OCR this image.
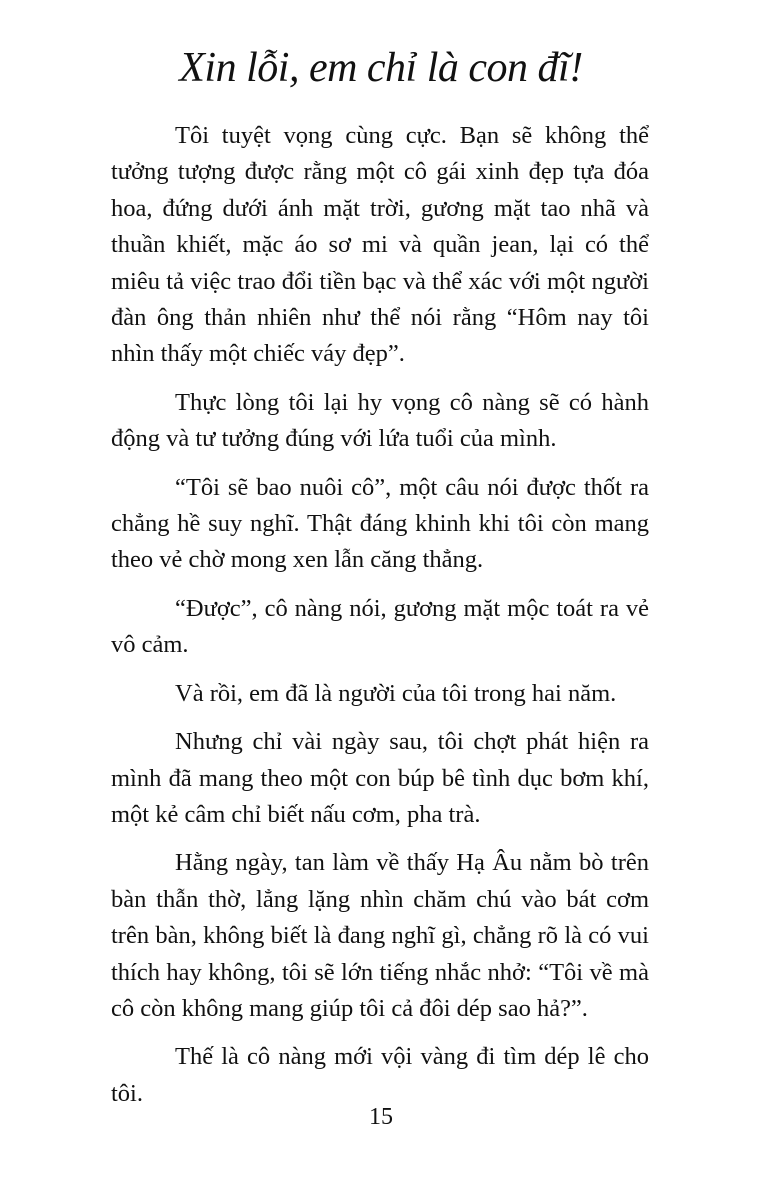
Xin lỗi, em chỉ là con đĩ!

Tôi tuyệt vọng cùng cực. Bạn sẽ không thể tưởng tượng được rằng một cô gái xinh đẹp tựa đóa hoa, đứng dưới ánh mặt trời, gương mặt tao nhã và thuần khiết, mặc áo sơ mi và quần jean, lại có thể miêu tả việc trao đổi tiền bạc và thể xác với một người đàn ông thản nhiên như thể nói rằng “Hôm nay tôi nhìn thấy một chiếc váy đẹp”.

Thực lòng tôi lại hy vọng cô nàng sẽ có hành động và tư tưởng đúng với lứa tuổi của mình.

“Tôi sẽ bao nuôi cô”, một câu nói được thốt ra chẳng hề suy nghĩ. Thật đáng khinh khi tôi còn mang theo vẻ chờ mong xen lẫn căng thẳng.

“Được”, cô nàng nói, gương mặt mộc toát ra vẻ vô cảm.

Và rồi, em đã là người của tôi trong hai năm.

Nhưng chỉ vài ngày sau, tôi chợt phát hiện ra mình đã mang theo một con búp bê tình dục bơm khí, một kẻ câm chỉ biết nấu cơm, pha trà.

Hằng ngày, tan làm về thấy Hạ Âu nằm bò trên bàn thẫn thờ, lẳng lặng nhìn chăm chú vào bát cơm trên bàn, không biết là đang nghĩ gì, chẳng rõ là có vui thích hay không, tôi sẽ lớn tiếng nhắc nhở: “Tôi về mà cô còn không mang giúp tôi cả đôi dép sao hả?”.

Thế là cô nàng mới vội vàng đi tìm dép lê cho tôi.

15
